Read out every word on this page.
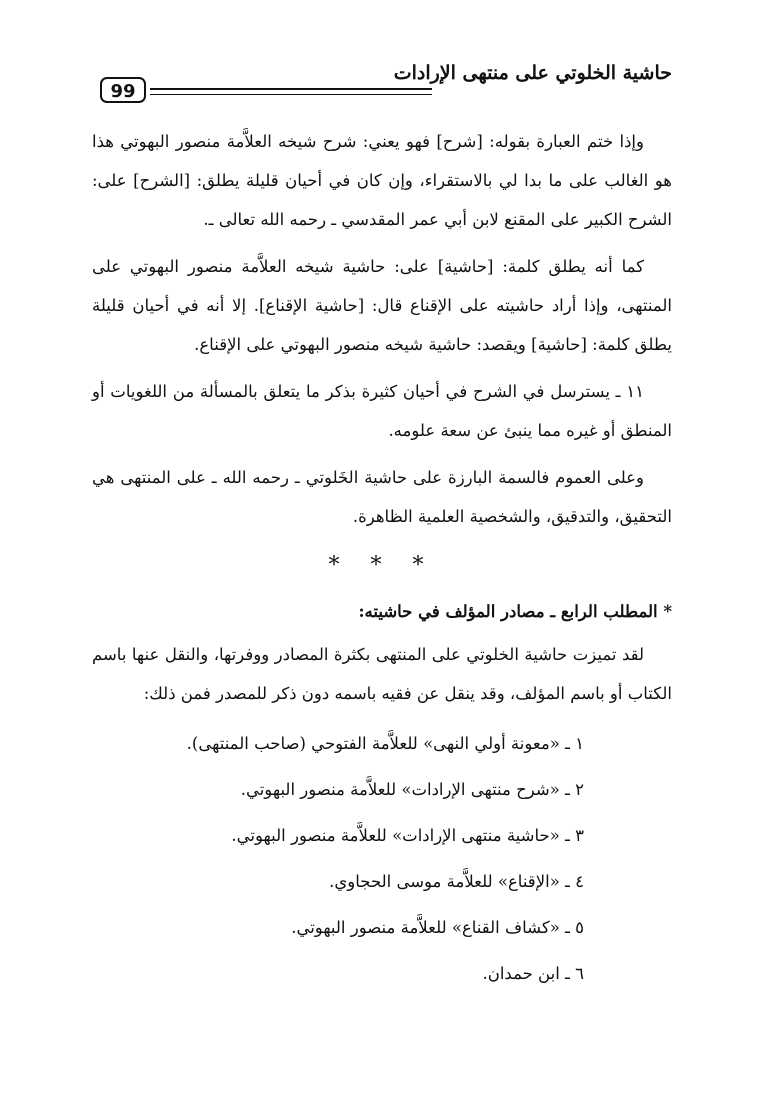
حاشية الخلوتي على منتهى الإرادات
99

وإذا ختم العبارة بقوله: [شرح] فهو يعني: شرح شيخه العلاَّمة منصور البهوتي هذا هو الغالب على ما بدا لي بالاستقراء، وإن كان في أحيان قليلة يطلق: [الشرح] على: الشرح الكبير على المقنع لابن أبي عمر المقدسي ـ رحمه الله تعالى ـ.

كما أنه يطلق كلمة: [حاشية] على: حاشية شيخه العلاَّمة منصور البهوتي على المنتهى، وإذا أراد حاشيته على الإقناع قال: [حاشية الإقناع]. إلا أنه في أحيان قليلة يطلق كلمة: [حاشية] ويقصد: حاشية شيخه منصور البهوتي على الإقناع.

١١ ـ يسترسل في الشرح في أحيان كثيرة بذكر ما يتعلق بالمسألة من اللغويات أو المنطق أو غيره مما ينبئ عن سعة علومه.

وعلى العموم فالسمة البارزة على حاشية الخَلوتي ـ رحمه الله ـ على المنتهى هي التحقيق، والتدقيق، والشخصية العلمية الظاهرة.

* * *

* المطلب الرابع ـ مصادر المؤلف في حاشيته:

لقد تميزت حاشية الخلوتي على المنتهى بكثرة المصادر ووفرتها، والنقل عنها باسم الكتاب أو باسم المؤلف، وقد ينقل عن فقيه باسمه دون ذكر للمصدر فمن ذلك:

١ ـ «معونة أولي النهى» للعلاَّمة الفتوحي (صاحب المنتهى).
٢ ـ «شرح منتهى الإرادات» للعلاَّمة منصور البهوتي.
٣ ـ «حاشية منتهى الإرادات» للعلاَّمة منصور البهوتي.
٤ ـ «الإقناع» للعلاَّمة موسى الحجاوي.
٥ ـ «كشاف القناع» للعلاَّمة منصور البهوتي.
٦ ـ ابن حمدان.
